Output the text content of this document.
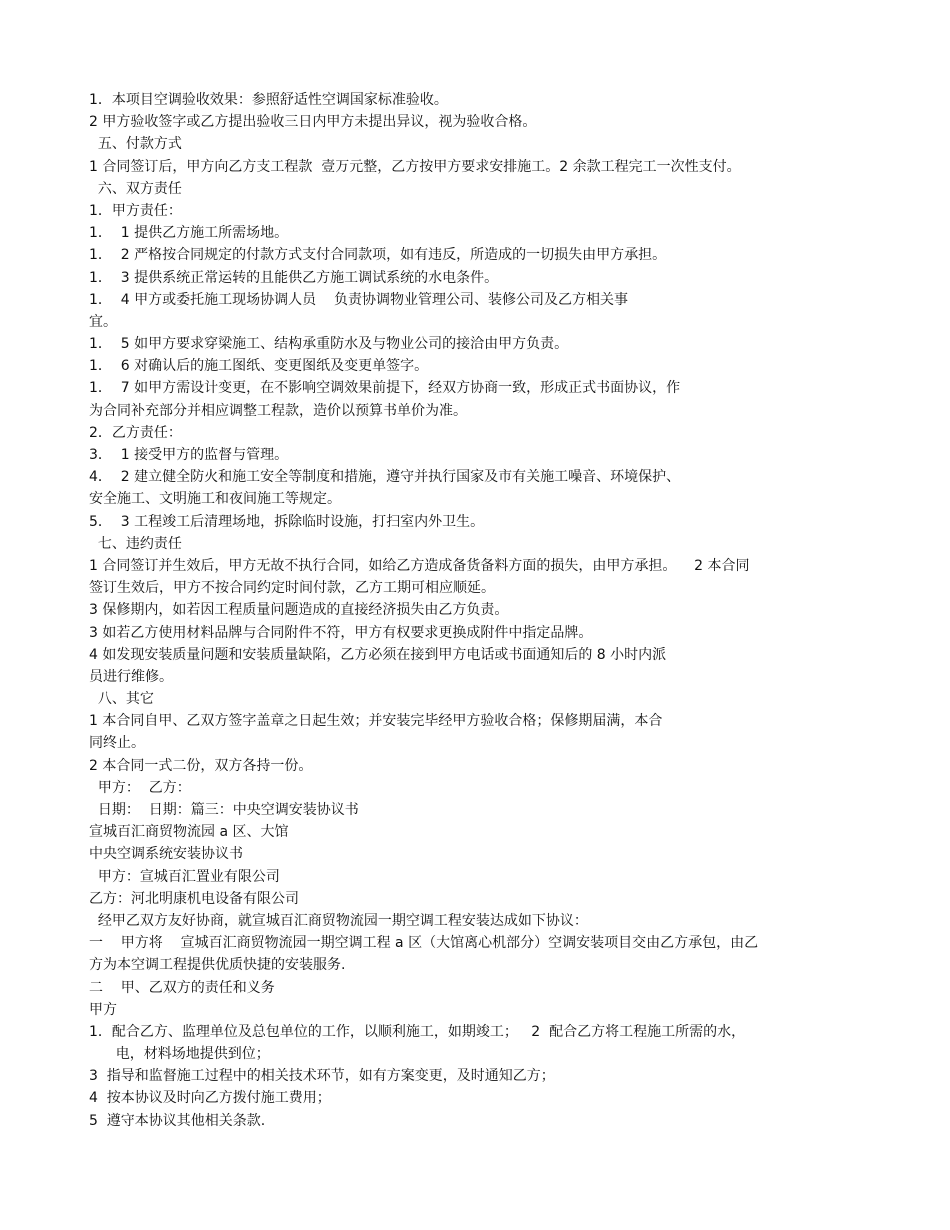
1．本项目空调验收效果：参照舒适性空调国家标准验收。
2 甲方验收签字或乙方提出验收三日内甲方未提出异议，视为验收合格。
五、付款方式
1 合同签订后，甲方向乙方支工程款  壹万元整，乙方按甲方要求安排施工。2 余款工程完工一次性支付。
六、双方责任
1．甲方责任：
1．  1 提供乙方施工所需场地。
1．  2 严格按合同规定的付款方式支付合同款项，如有违反，所造成的一切损失由甲方承担。
1．  3 提供系统正常运转的且能供乙方施工调试系统的水电条件。
1．  4 甲方或委托施工现场协调人员    负责协调物业管理公司、装修公司及乙方相关事
宜。
1．  5 如甲方要求穿梁施工、结构承重防水及与物业公司的接洽由甲方负责。
1．  6 对确认后的施工图纸、变更图纸及变更单签字。
1．  7 如甲方需设计变更，在不影响空调效果前提下，经双方协商一致，形成正式书面协议，作
为合同补充部分并相应调整工程款，造价以预算书单价为准。
2．乙方责任：
3．  1 接受甲方的监督与管理。
4．  2 建立健全防火和施工安全等制度和措施，遵守并执行国家及市有关施工噪音、环境保护、
安全施工、文明施工和夜间施工等规定。
5．  3 工程竣工后清理场地，拆除临时设施，打扫室内外卫生。
七、违约责任
1 合同签订并生效后，甲方无故不执行合同，如给乙方造成备货备料方面的损失，由甲方承担。    2 本合同
签订生效后，甲方不按合同约定时间付款，乙方工期可相应顺延。
3 保修期内，如若因工程质量问题造成的直接经济损失由乙方负责。
3 如若乙方使用材料品牌与合同附件不符，甲方有权要求更换成附件中指定品牌。
4 如发现安装质量问题和安装质量缺陷，乙方必须在接到甲方电话或书面通知后的 8 小时内派
员进行维修。
八、其它
1 本合同自甲、乙双方签字盖章之日起生效；并安装完毕经甲方验收合格；保修期届满，本合
同终止。
2 本合同一式二份，双方各持一份。
甲方：  乙方：
日期：  日期：篇三：中央空调安装协议书
宣城百汇商贸物流园 a 区、大馆
中央空调系统安装协议书
甲方：宣城百汇置业有限公司
乙方：河北明康机电设备有限公司
经甲乙双方友好协商，就宣城百汇商贸物流园一期空调工程安装达成如下协议：
一    甲方将    宣城百汇商贸物流园一期空调工程 a 区（大馆离心机部分）空调安装项目交由乙方承包，由乙
方为本空调工程提供优质快捷的安装服务.
二    甲、乙双方的责任和义务
甲方
1．配合乙方、监理单位及总包单位的工作，以顺利施工，如期竣工；   2  配合乙方将工程施工所需的水，
电，材料场地提供到位；
3  指导和监督施工过程中的相关技术环节，如有方案变更，及时通知乙方；
4  按本协议及时向乙方拨付施工费用；
5  遵守本协议其他相关条款.
